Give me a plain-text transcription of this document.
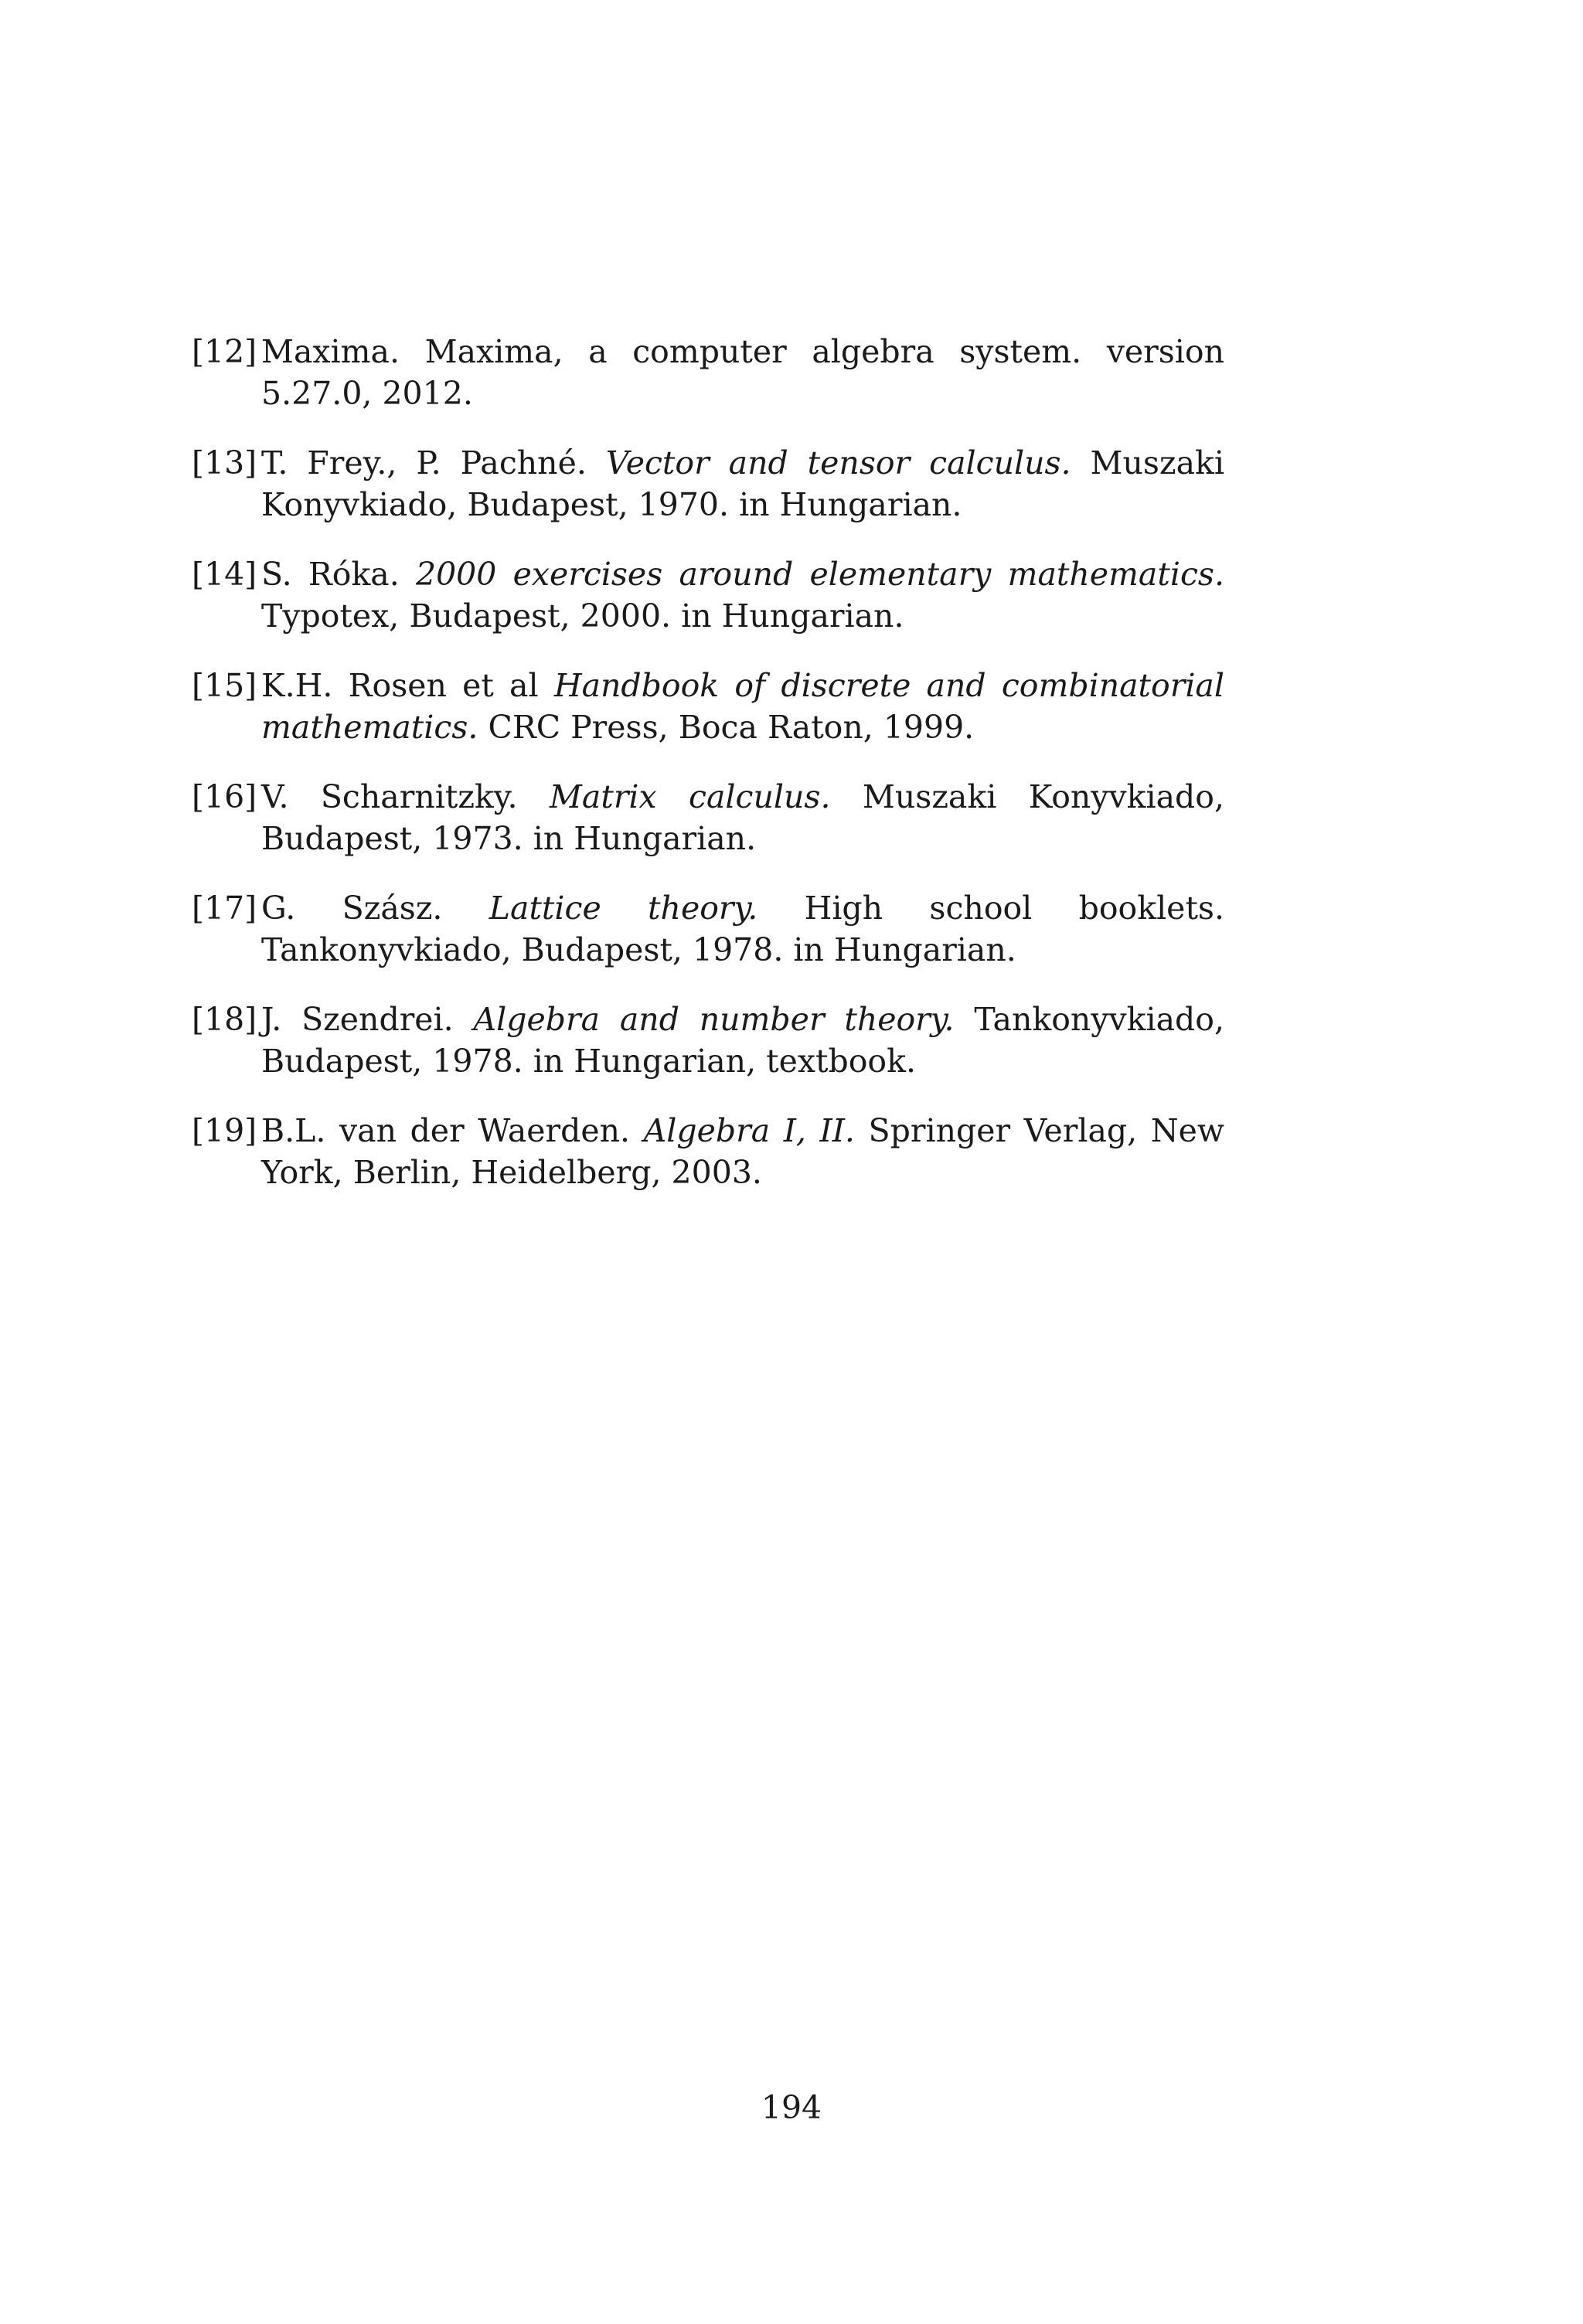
[12] Maxima. Maxima, a computer algebra system. version 5.27.0, 2012.
[13] T. Frey., P. Pachné. Vector and tensor calculus. Muszaki Konyvkiado, Budapest, 1970. in Hungarian.
[14] S. Róka. 2000 exercises around elementary mathematics. Typotex, Budapest, 2000. in Hungarian.
[15] K.H. Rosen et al Handbook of discrete and combinatorial mathematics. CRC Press, Boca Raton, 1999.
[16] V. Scharnitzky. Matrix calculus. Muszaki Konyvkiado, Budapest, 1973. in Hungarian.
[17] G. Szász. Lattice theory. High school booklets. Tankonyvkiado, Budapest, 1978. in Hungarian.
[18] J. Szendrei. Algebra and number theory. Tankonyvkiado, Budapest, 1978. in Hungarian, textbook.
[19] B.L. van der Waerden. Algebra I, II. Springer Verlag, New York, Berlin, Heidelberg, 2003.
194
